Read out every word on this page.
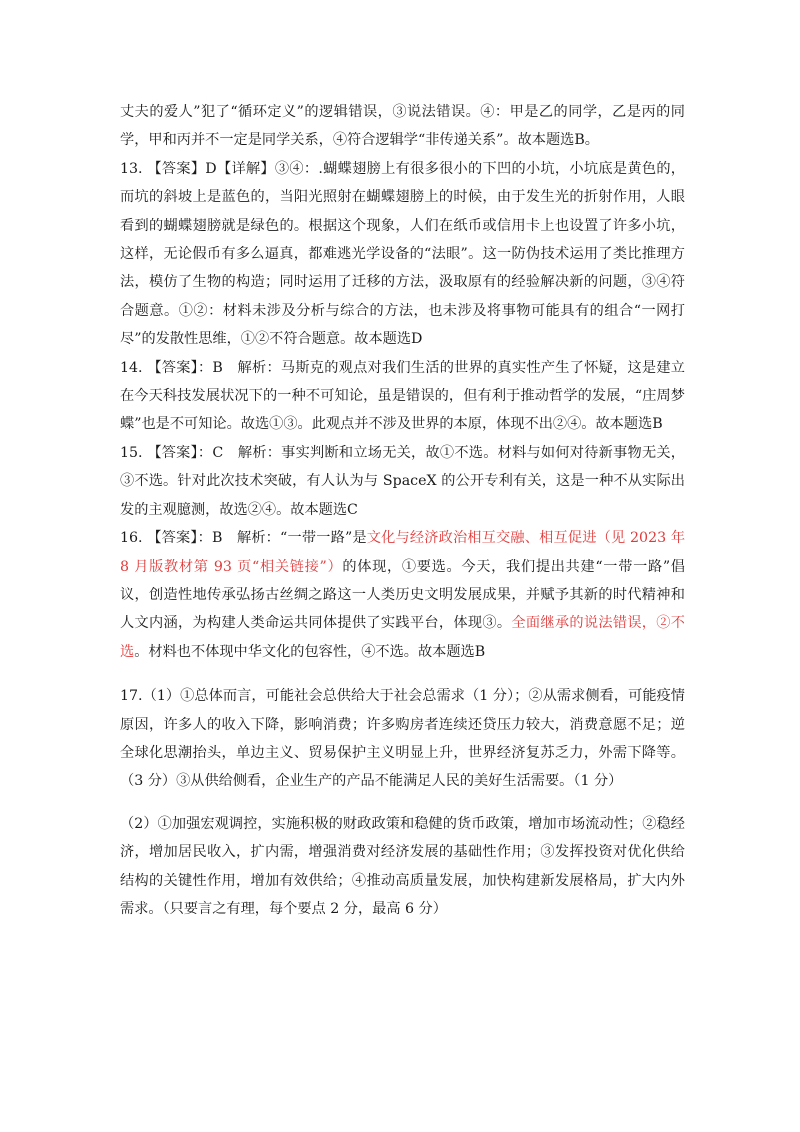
丈夫的爱人”犯了“循环定义”的逻辑错误，③说法错误。④：甲是乙的同学，乙是丙的同学，甲和丙并不一定是同学关系，④符合逻辑学“非传递关系”。故本题选B。

13. 【答案】D【详解】③④：.蝴蝶翅膀上有很多很小的下凹的小坑，小坑底是黄色的，而坑的斜坡上是蓝色的，当阳光照射在蝴蝶翅膀上的时候，由于发生光的折射作用，人眼看到的蝴蝶翅膀就是绿色的。根据这个现象，人们在纸币或信用卡上也设置了许多小坑，这样，无论假币有多么逼真，都难逃光学设备的“法眼”。这一防伪技术运用了类比推理方法，模仿了生物的构造；同时运用了迁移的方法，汲取原有的经验解决新的问题，③④符合题意。①②：材料未涉及分析与综合的方法，也未涉及将事物可能具有的组合“一网打尽”的发散性思维，①②不符合题意。故本题选D

14. 【答案】：B　解析：马斯克的观点对我们生活的世界的真实性产生了怀疑，这是建立在今天科技发展状况下的一种不可知论，虽是错误的，但有利于推动哲学的发展，“庄周梦蝶”也是不可知论。故选①③。此观点并不涉及世界的本原，体现不出②④。故本题选B

15. 【答案】：C　解析：事实判断和立场无关，故①不选。材料与如何对待新事物无关，③不选。针对此次技术突破，有人认为与 SpaceX 的公开专利有关，这是一种不从实际出发的主观臆测，故选②④。故本题选C

16. 【答案】：B　解析：“一带一路”是文化与经济政治相互交融、相互促进（见 2023 年 8 月版教材第 93 页“相关链接”）的体现，①要选。今天，我们提出共建“一带一路”倡议，创造性地传承弘扬古丝绸之路这一人类历史文明发展成果，并赋予其新的时代精神和人文内涵，为构建人类命运共同体提供了实践平台，体现③。全面继承的说法错误，②不选。材料也不体现中华文化的包容性，④不选。故本题选B

17.（1）①总体而言，可能社会总供给大于社会总需求（1 分）；②从需求侧看，可能疫情原因，许多人的收入下降，影响消费；许多购房者连续还贷压力较大，消费意愿不足；逆全球化思潮抬头，单边主义、贸易保护主义明显上升，世界经济复苏乏力，外需下降等。（3 分）③从供给侧看，企业生产的产品不能满足人民的美好生活需要。（1 分）

（2）①加强宏观调控，实施积极的财政政策和稳健的货币政策，增加市场流动性；②稳经济，增加居民收入，扩内需，增强消费对经济发展的基础性作用；③发挥投资对优化供给结构的关键性作用，增加有效供给；④推动高质量发展，加快构建新发展格局，扩大内外需求。（只要言之有理，每个要点 2 分，最高 6 分）
